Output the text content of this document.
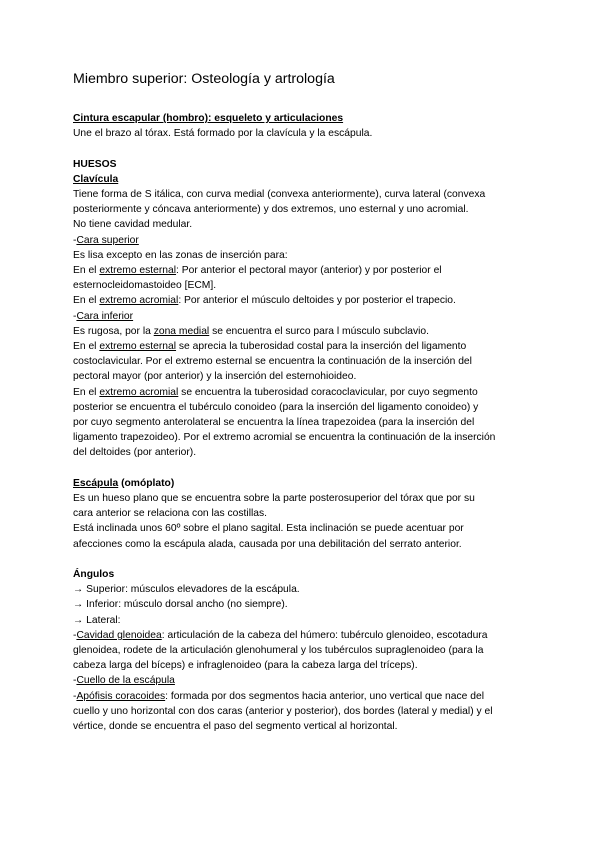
Miembro superior: Osteología y artrología

Cintura escapular (hombro): esqueleto y articulaciones

Une el brazo al tórax. Está formado por la clavícula y la escápula.

HUESOS

Clavícula

Tiene forma de S itálica, con curva medial (convexa anteriormente), curva lateral (convexa

posteriormente y cóncava anteriormente) y dos extremos, uno esternal y uno acromial.

No tiene cavidad medular.

-Cara superior

Es lisa excepto en las zonas de inserción para:

En el extremo esternal: Por anterior el pectoral mayor (anterior) y por posterior el

esternocleidomastoideo [ECM].

En el extremo acromial: Por anterior el músculo deltoides y por posterior el trapecio.

-Cara inferior

Es rugosa, por la zona medial se encuentra el surco para l músculo subclavio.

En el extremo esternal se aprecia la tuberosidad costal para la inserción del ligamento

costoclavicular. Por el extremo esternal se encuentra la continuación de la inserción del

pectoral mayor (por anterior) y la inserción del esternohioideo.

En el extremo acromial se encuentra la tuberosidad coracoclavicular, por cuyo segmento

posterior se encuentra el tubérculo conoideo (para la inserción del ligamento conoideo) y

por cuyo segmento anterolateral se encuentra la línea trapezoidea (para la inserción del

ligamento trapezoideo). Por el extremo acromial se encuentra la continuación de la inserción

del deltoides (por anterior).

Escápula (omóplato)

Es un hueso plano que se encuentra sobre la parte posterosuperior del tórax que por su

cara anterior se relaciona con las costillas.

Está inclinada unos 60º sobre el plano sagital. Esta inclinación se puede acentuar por

afecciones como la escápula alada, causada por una debilitación del serrato anterior.

Ángulos

→ Superior: músculos elevadores de la escápula.

→ Inferior: músculo dorsal ancho (no siempre).

→ Lateral:

-Cavidad glenoidea: articulación de la cabeza del húmero: tubérculo glenoideo, escotadura

glenoidea, rodete de la articulación glenohumeral y los tubérculos supraglenoideo (para la

cabeza larga del bíceps) e infraglenoideo (para la cabeza larga del tríceps).

-Cuello de la escápula

-Apófisis coracoides: formada por dos segmentos hacia anterior, uno vertical que nace del

cuello y uno horizontal con dos caras (anterior y posterior), dos bordes (lateral y medial) y el

vértice, donde se encuentra el paso del segmento vertical al horizontal.
